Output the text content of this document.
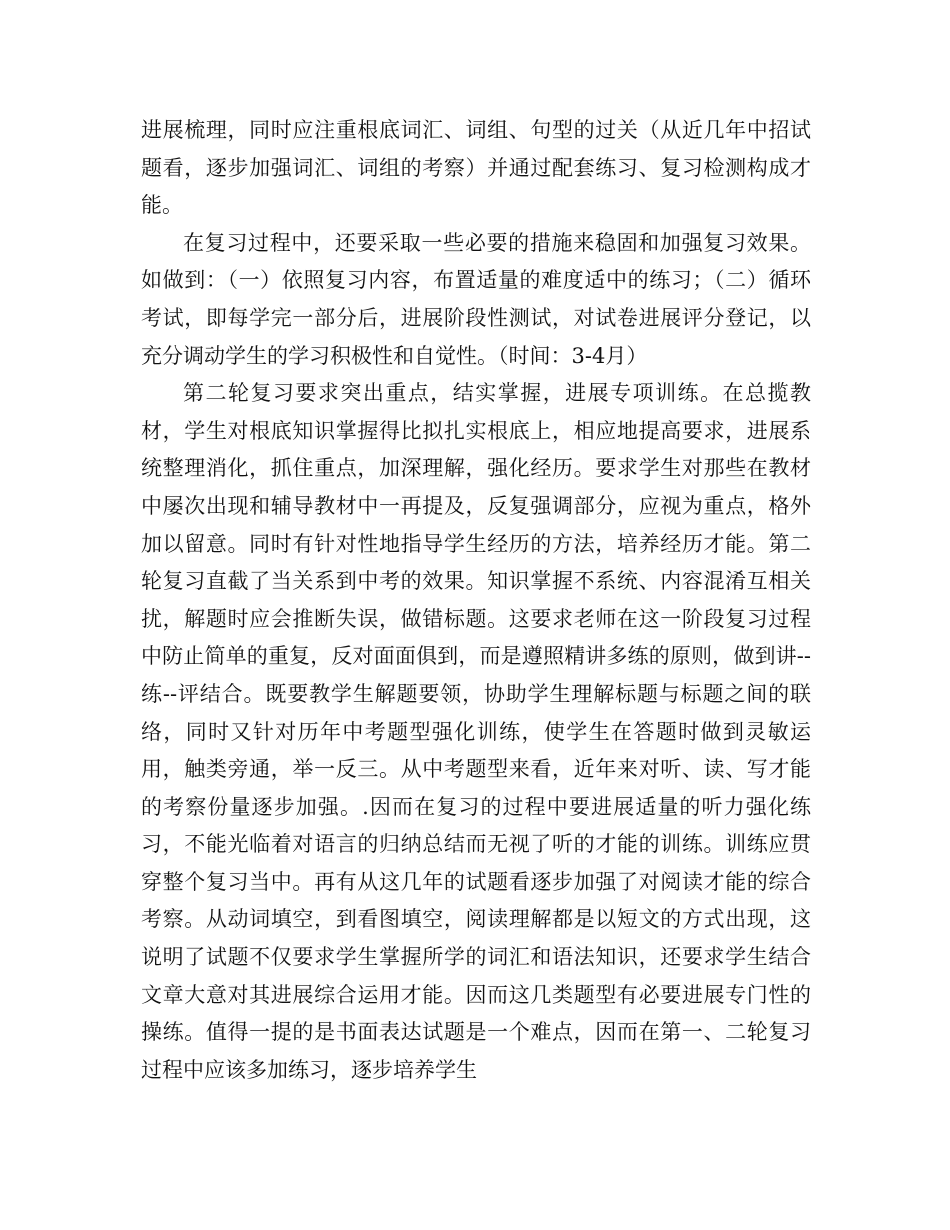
进展梳理，同时应注重根底词汇、词组、句型的过关（从近几年中招试题看，逐步加强词汇、词组的考察）并通过配套练习、复习检测构成才能。

在复习过程中，还要采取一些必要的措施来稳固和加强复习效果。如做到：（一）依照复习内容，布置适量的难度适中的练习；（二）循环考试，即每学完一部分后，进展阶段性测试，对试卷进展评分登记，以充分调动学生的学习积极性和自觉性。（时间：3-4月）

第二轮复习要求突出重点，结实掌握，进展专项训练。在总揽教材，学生对根底知识掌握得比拟扎实根底上，相应地提高要求，进展系统整理消化，抓住重点，加深理解，强化经历。要求学生对那些在教材中屡次出现和辅导教材中一再提及，反复强调部分，应视为重点，格外加以留意。同时有针对性地指导学生经历的方法，培养经历才能。第二轮复习直截了当关系到中考的效果。知识掌握不系统、内容混淆互相关扰，解题时应会推断失误，做错标题。这要求老师在这一阶段复习过程中防止简单的重复，反对面面俱到，而是遵照精讲多练的原则，做到讲--练--评结合。既要教学生解题要领，协助学生理解标题与标题之间的联络，同时又针对历年中考题型强化训练，使学生在答题时做到灵敏运用，触类旁通，举一反三。从中考题型来看，近年来对听、读、写才能的考察份量逐步加强。.因而在复习的过程中要进展适量的听力强化练习，不能光临着对语言的归纳总结而无视了听的才能的训练。训练应贯穿整个复习当中。再有从这几年的试题看逐步加强了对阅读才能的综合考察。从动词填空，到看图填空，阅读理解都是以短文的方式出现，这说明了试题不仅要求学生掌握所学的词汇和语法知识，还要求学生结合文章大意对其进展综合运用才能。因而这几类题型有必要进展专门性的操练。值得一提的是书面表达试题是一个难点，因而在第一、二轮复习过程中应该多加练习，逐步培养学生
